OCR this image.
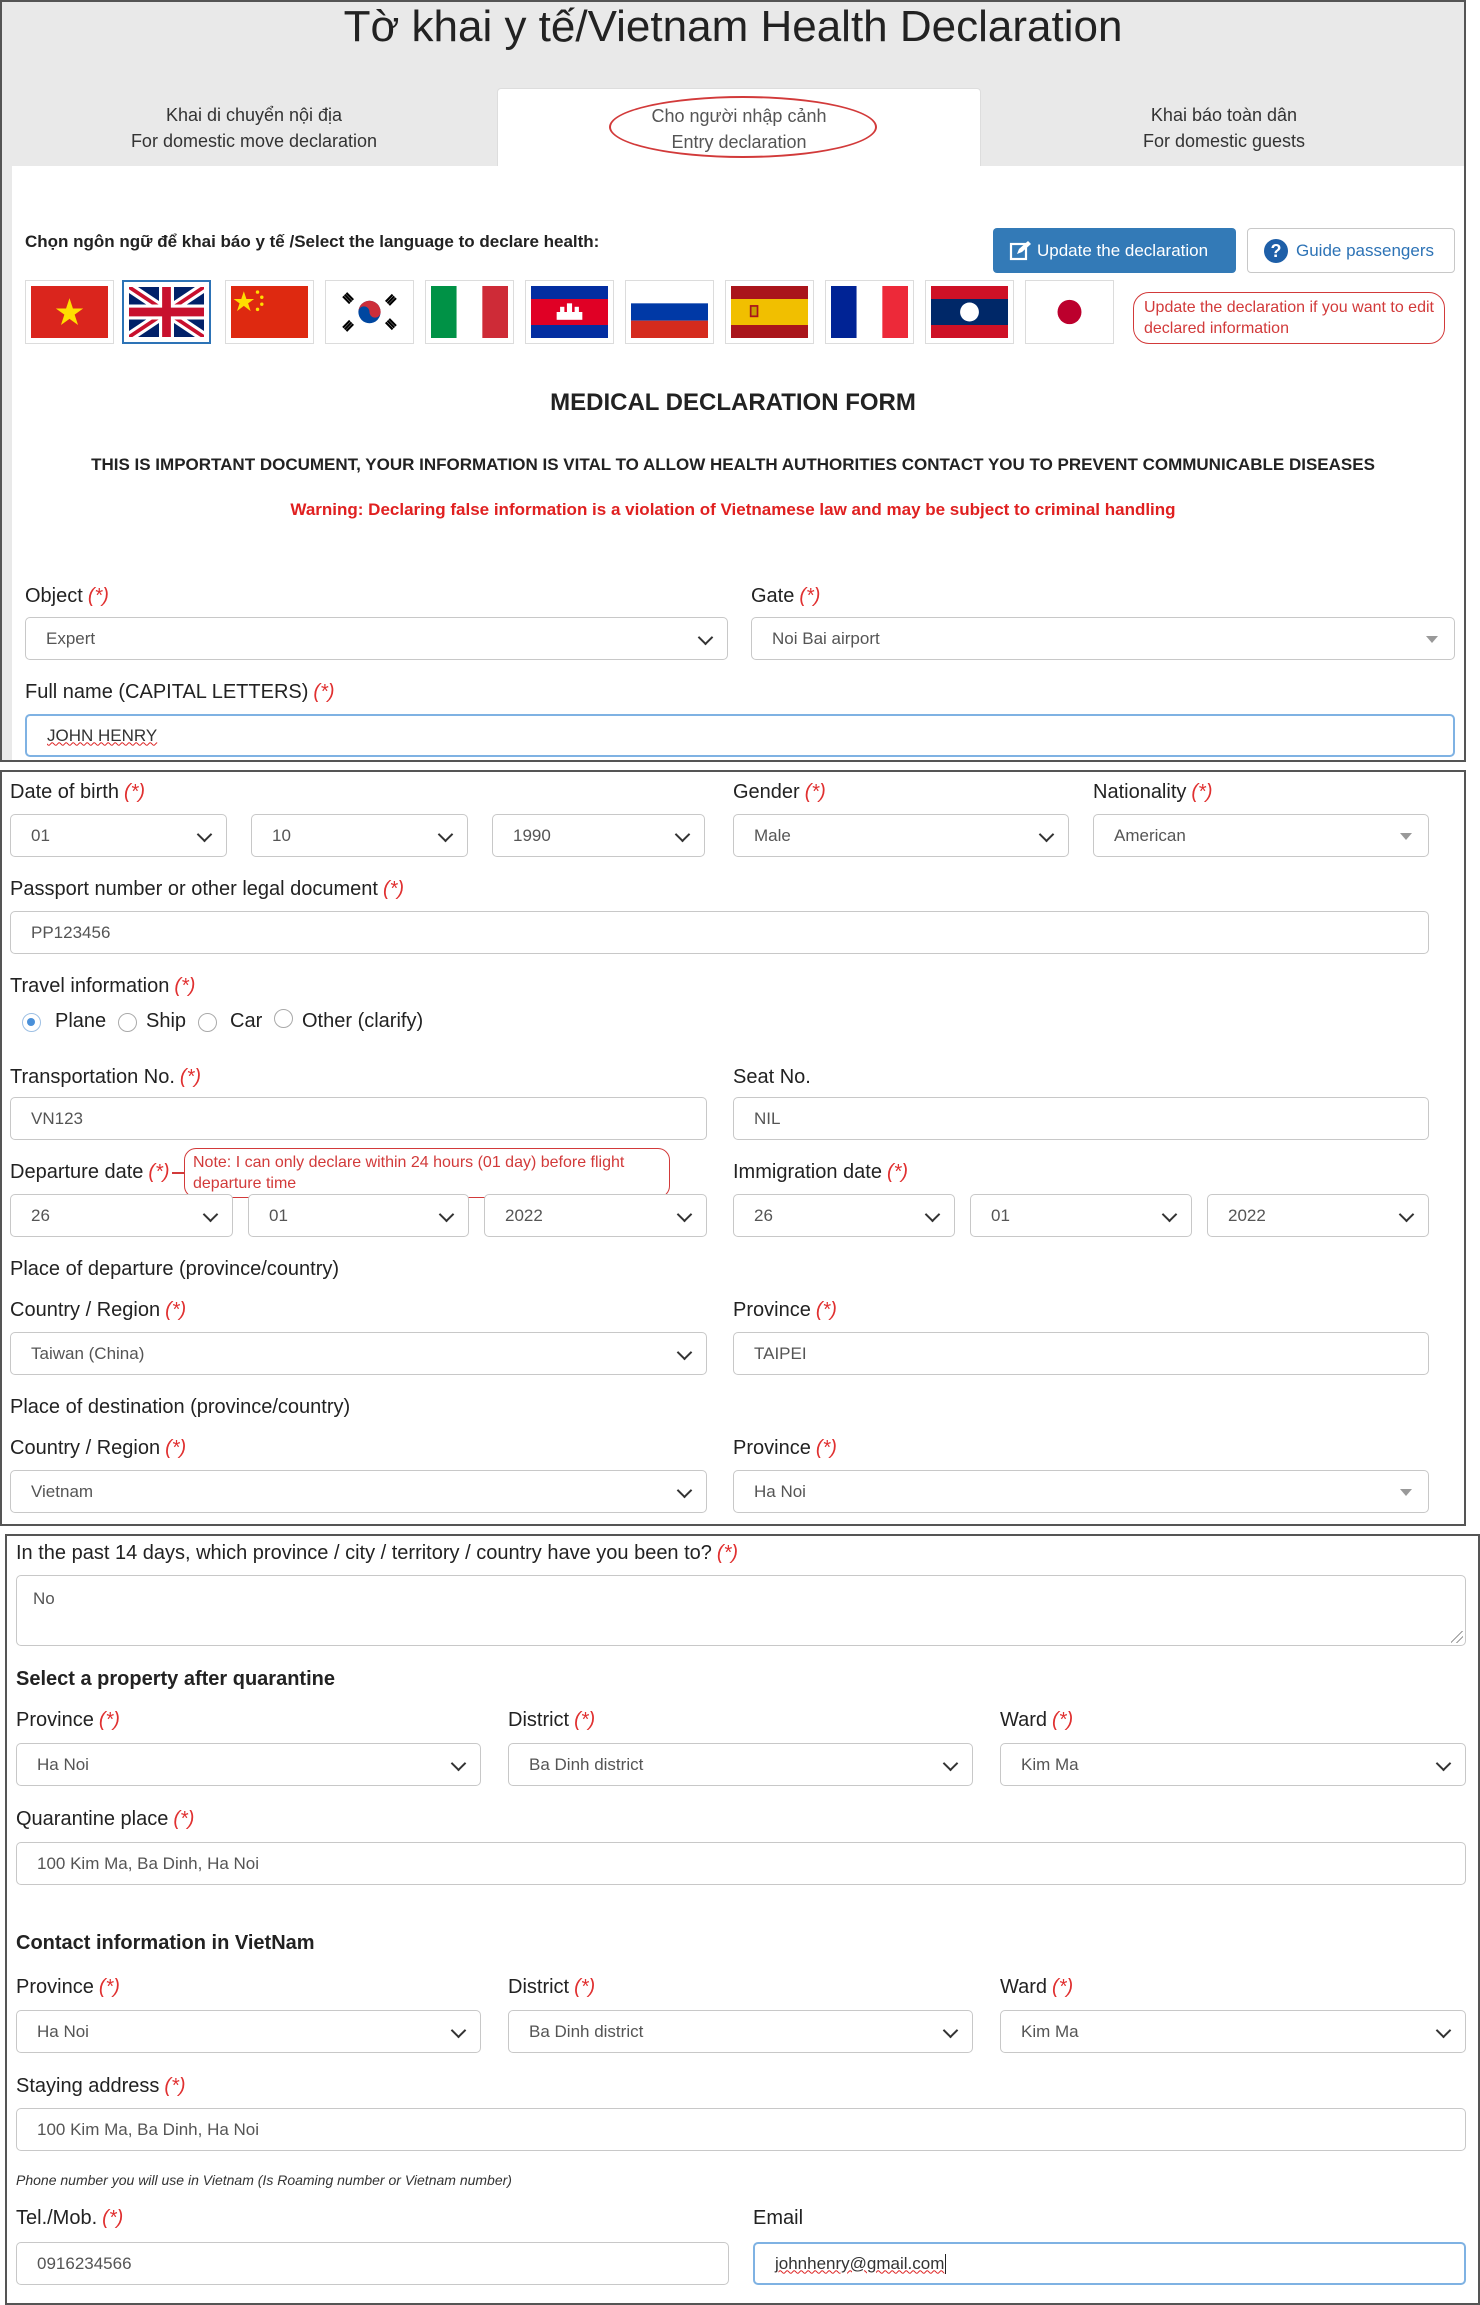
Tờ khai y tế/Vietnam Health Declaration
Khai di chuyển nội địa
For domestic move declaration
Cho người nhập cảnh
Entry declaration
Khai báo toàn dân
For domestic guests
Chọn ngôn ngữ để khai báo y tế /Select the language to declare health:	Update the declaration	? Guide passengers
Update the declaration if you want to edit declared information
MEDICAL DECLARATION FORM
THIS IS IMPORTANT DOCUMENT, YOUR INFORMATION IS VITAL TO ALLOW HEALTH AUTHORITIES CONTACT YOU TO PREVENT COMMUNICABLE DISEASES
Warning: Declaring false information is a violation of Vietnamese law and may be subject to criminal handling
Object (*)
Expert
Gate (*)
Noi Bai airport
Full name (CAPITAL LETTERS) (*)
JOHN HENRY
Date of birth (*)
01	10	1990
Gender (*)
Male
Nationality (*)
American
Passport number or other legal document (*)
PP123456
Travel information (*)
Plane Ship Car Other (clarify)
Transportation No. (*)
VN123
Seat No.
NIL
Departure date (*)	Note: I can only declare within 24 hours (01 day) before flight departure time
26	01	2022
Immigration date (*)
26	01	2022
Place of departure (province/country)
Country / Region (*)
Taiwan (China)
Province (*)
TAIPEI
Place of destination (province/country)
Country / Region (*)
Vietnam
Province (*)
Ha Noi
In the past 14 days, which province / city / territory / country have you been to? (*)
No
Select a property after quarantine
Province (*)
Ha Noi
District (*)
Ba Dinh district
Ward (*)
Kim Ma
Quarantine place (*)
100 Kim Ma, Ba Dinh, Ha Noi
Contact information in VietNam
Province (*)
Ha Noi
District (*)
Ba Dinh district
Ward (*)
Kim Ma
Staying address (*)
100 Kim Ma, Ba Dinh, Ha Noi
Phone number you will use in Vietnam (Is Roaming number or Vietnam number)
Tel./Mob. (*)
0916234566
Email
johnhenry@gmail.com
